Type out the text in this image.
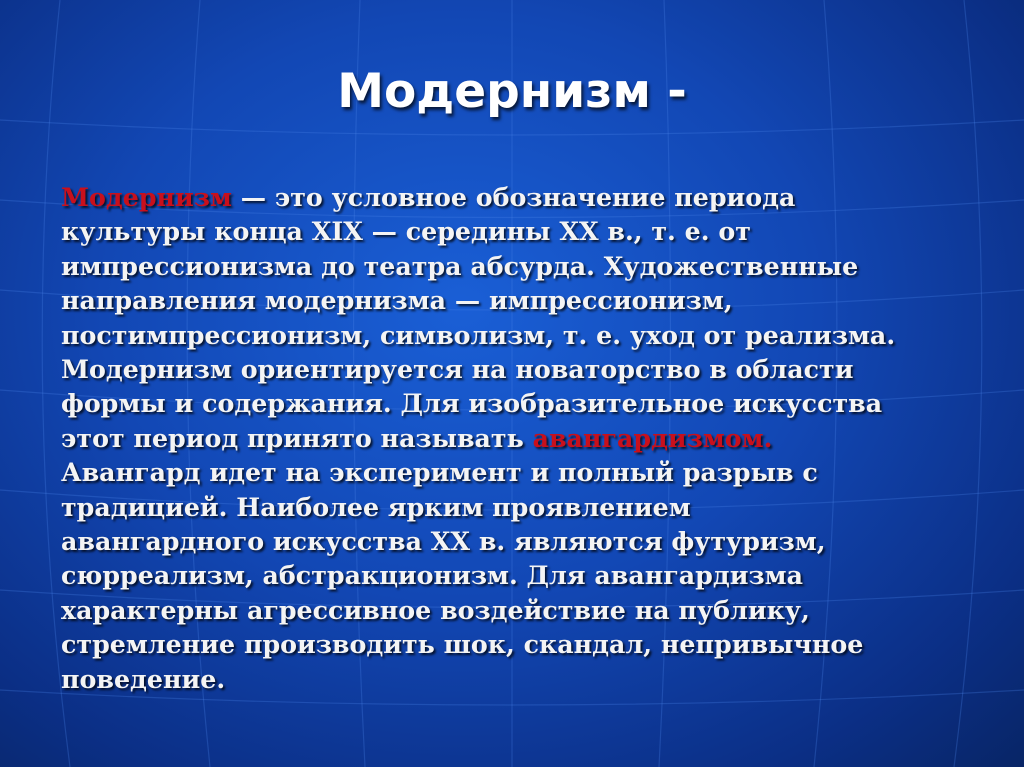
Модернизм -
Модернизм — это условное обозначение периода
культуры конца XIX — середины XX в., т. е. от
импрессионизма до театра абсурда. Художественные
направления модернизма — импрессионизм,
постимпрессионизм, символизм, т. е. уход от реализма.
Модернизм ориентируется на новаторство в области
формы и содержания. Для изобразительное искусства
этот период принято называть авангардизмом.
Авангард идет на эксперимент и полный разрыв с
традицией. Наиболее ярким проявлением
авангардного искусства XX в. являются футуризм,
сюрреализм, абстракционизм. Для авангардизма
характерны агрессивное воздействие на публику,
стремление производить шок, скандал, непривычное
поведение.
